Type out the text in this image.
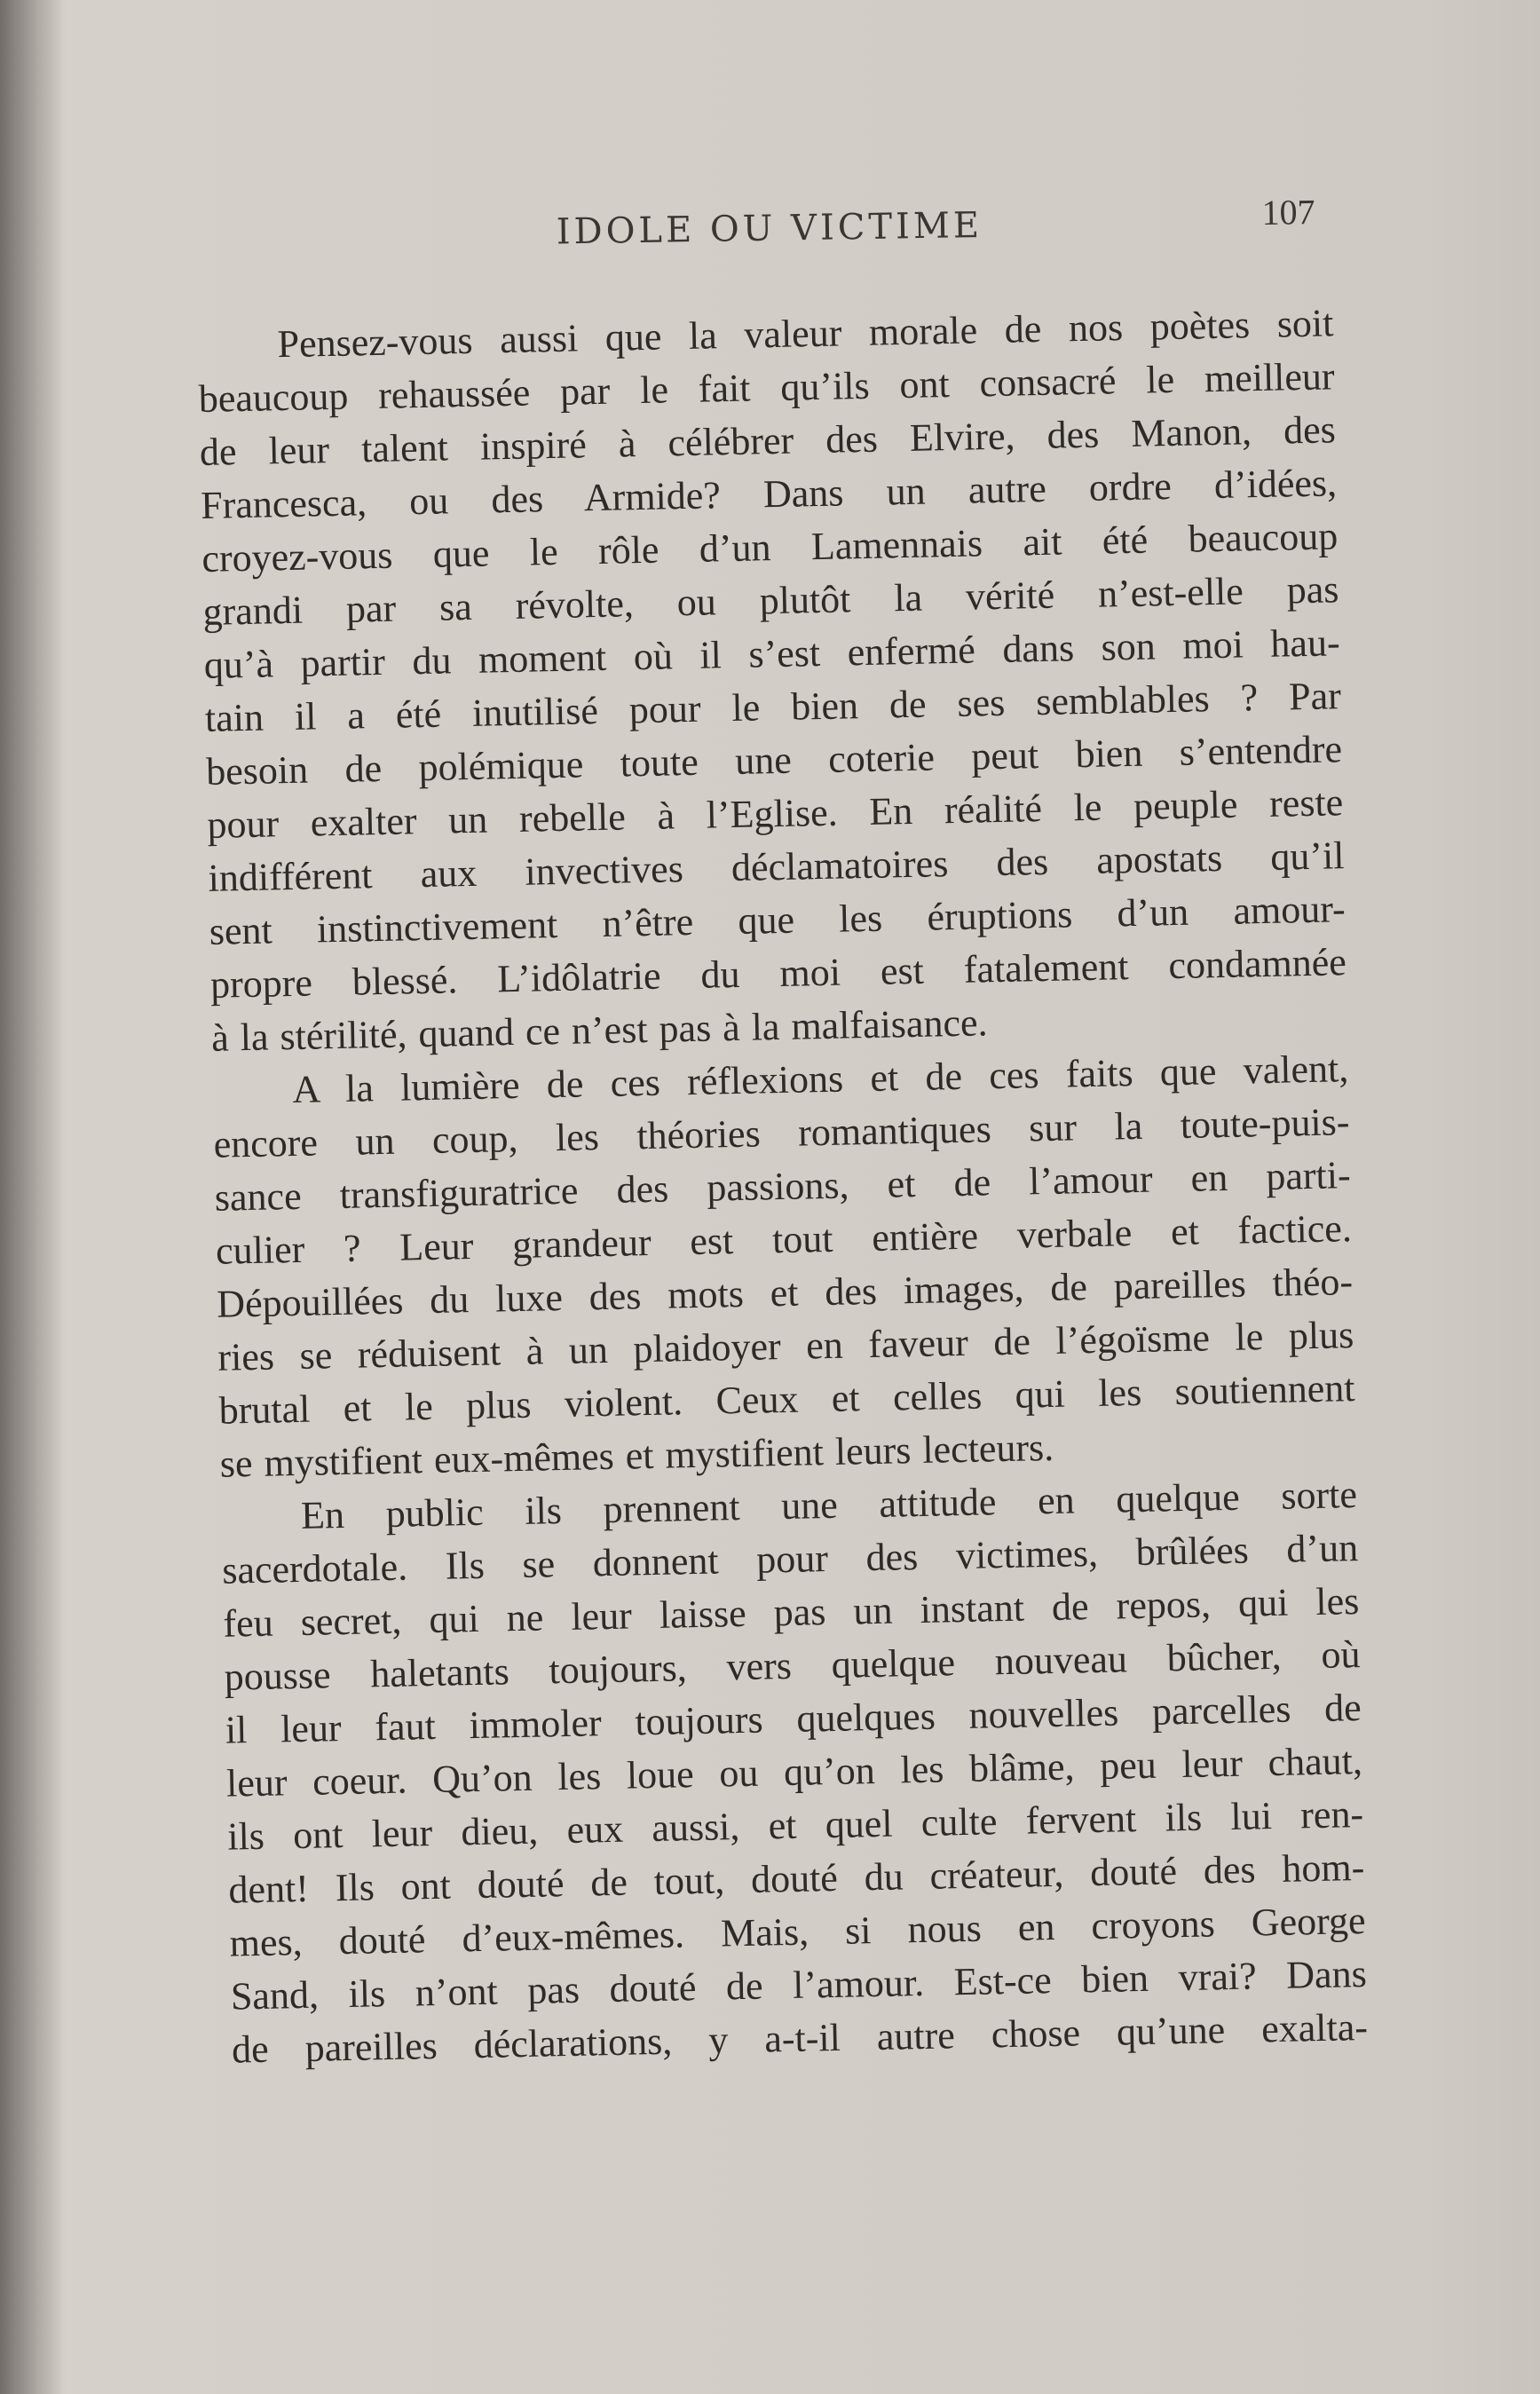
IDOLE OU VICTIME	107
Pensez-vous aussi que la valeur morale de nos poètes soit
beaucoup rehaussée par le fait qu’ils ont consacré le meilleur
de leur talent inspiré à célébrer des Elvire, des Manon, des
Francesca, ou des Armide? Dans un autre ordre d’idées,
croyez-vous que le rôle d’un Lamennais ait été beaucoup
grandi par sa révolte, ou plutôt la vérité n’est-elle pas
qu’à partir du moment où il s’est enfermé dans son moi hau-
tain il a été inutilisé pour le bien de ses semblables ? Par
besoin de polémique toute une coterie peut bien s’entendre
pour exalter un rebelle à l’Eglise. En réalité le peuple reste
indifférent aux invectives déclamatoires des apostats qu’il
sent instinctivement n’être que les éruptions d’un amour-
propre blessé. L’idôlatrie du moi est fatalement condamnée
à la stérilité, quand ce n’est pas à la malfaisance.
A la lumière de ces réflexions et de ces faits que valent,
encore un coup, les théories romantiques sur la toute-puis-
sance transfiguratrice des passions, et de l’amour en parti-
culier ? Leur grandeur est tout entière verbale et factice.
Dépouillées du luxe des mots et des images, de pareilles théo-
ries se réduisent à un plaidoyer en faveur de l’égoïsme le plus
brutal et le plus violent. Ceux et celles qui les soutiennent
se mystifient eux-mêmes et mystifient leurs lecteurs.
En public ils prennent une attitude en quelque sorte
sacerdotale. Ils se donnent pour des victimes, brûlées d’un
feu secret, qui ne leur laisse pas un instant de repos, qui les
pousse haletants toujours, vers quelque nouveau bûcher, où
il leur faut immoler toujours quelques nouvelles parcelles de
leur coeur. Qu’on les loue ou qu’on les blâme, peu leur chaut,
ils ont leur dieu, eux aussi, et quel culte fervent ils lui ren-
dent! Ils ont douté de tout, douté du créateur, douté des hom-
mes, douté d’eux-mêmes. Mais, si nous en croyons George
Sand, ils n’ont pas douté de l’amour. Est-ce bien vrai? Dans
de pareilles déclarations, y a-t-il autre chose qu’une exalta-
